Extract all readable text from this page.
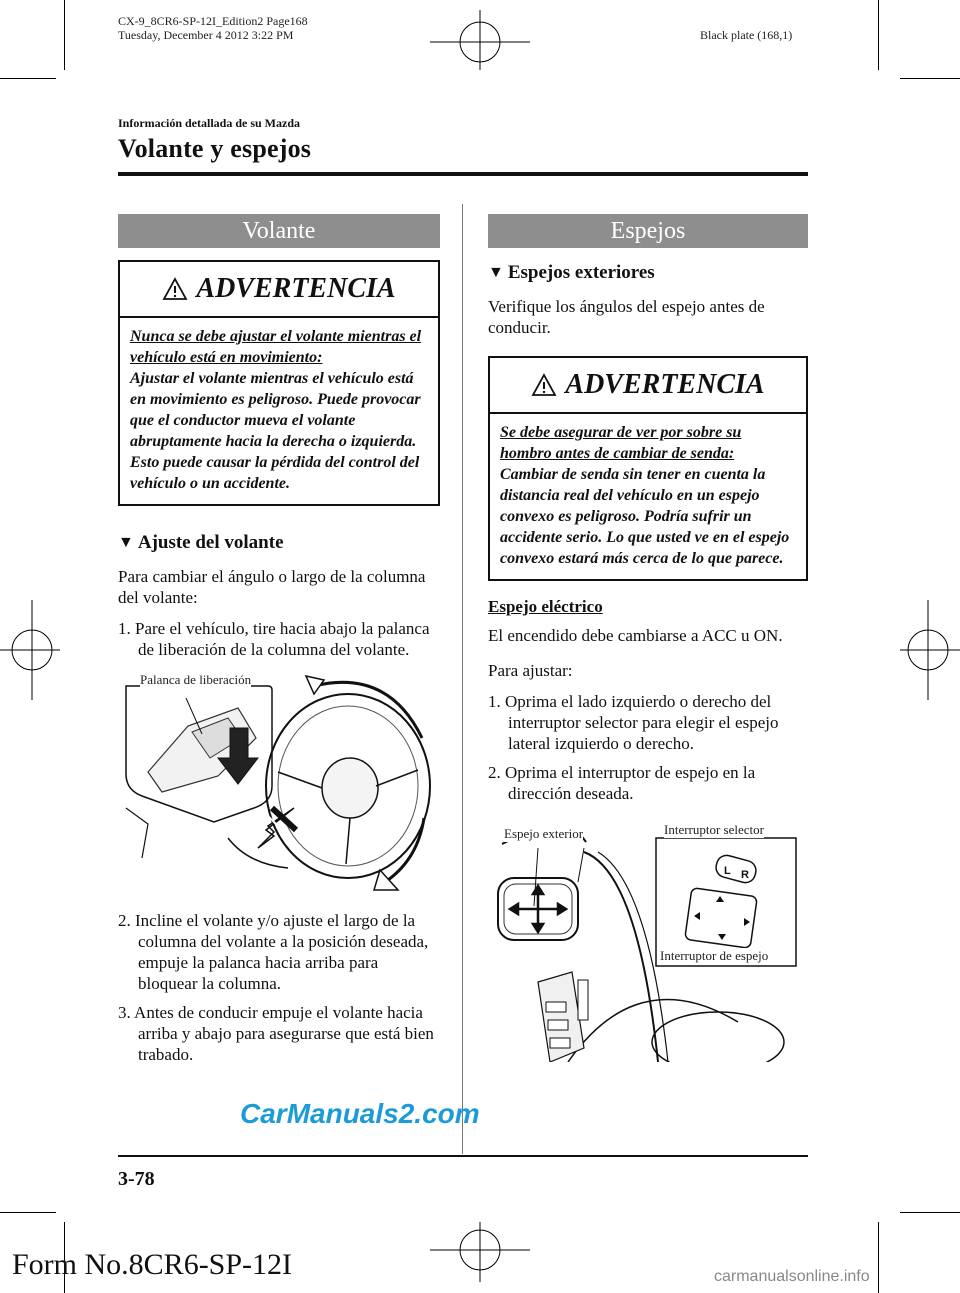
CX-9_8CR6-SP-12I_Edition2 Page168
Tuesday, December 4 2012 3:22 PM	Black plate (168,1)
Información detallada de su Mazda
Volante y espejos
Volante
ADVERTENCIA
Nunca se debe ajustar el volante mientras el vehículo está en movimiento:
Ajustar el volante mientras el vehículo está en movimiento es peligroso. Puede provocar que el conductor mueva el volante abruptamente hacia la derecha o izquierda. Esto puede causar la pérdida del control del vehículo o un accidente.
▼ Ajuste del volante

Para cambiar el ángulo o largo de la columna del volante:

1. Pare el vehículo, tire hacia abajo la palanca de liberación de la columna del volante.
Palanca de liberación
2. Incline el volante y/o ajuste el largo de la columna del volante a la posición deseada, empuje la palanca hacia arriba para bloquear la columna.
3. Antes de conducir empuje el volante hacia arriba y abajo para asegurarse que está bien trabado.
Espejos
▼ Espejos exteriores

Verifique los ángulos del espejo antes de conducir.

ADVERTENCIA
Se debe asegurar de ver por sobre su hombro antes de cambiar de senda:
Cambiar de senda sin tener en cuenta la distancia real del vehículo en un espejo convexo es peligroso. Podría sufrir un accidente serio. Lo que usted ve en el espejo convexo estará más cerca de lo que parece.
Espejo eléctrico

El encendido debe cambiarse a ACC u ON.

Para ajustar:

1. Oprima el lado izquierdo o derecho del interruptor selector para elegir el espejo lateral izquierdo o derecho.
2. Oprima el interruptor de espejo en la dirección deseada.
L R
Espejo exterior	Interruptor selector
Interruptor de espejo
CarManuals2.com
3-78
Form No.8CR6-SP-12I	carmanualsonline.info
